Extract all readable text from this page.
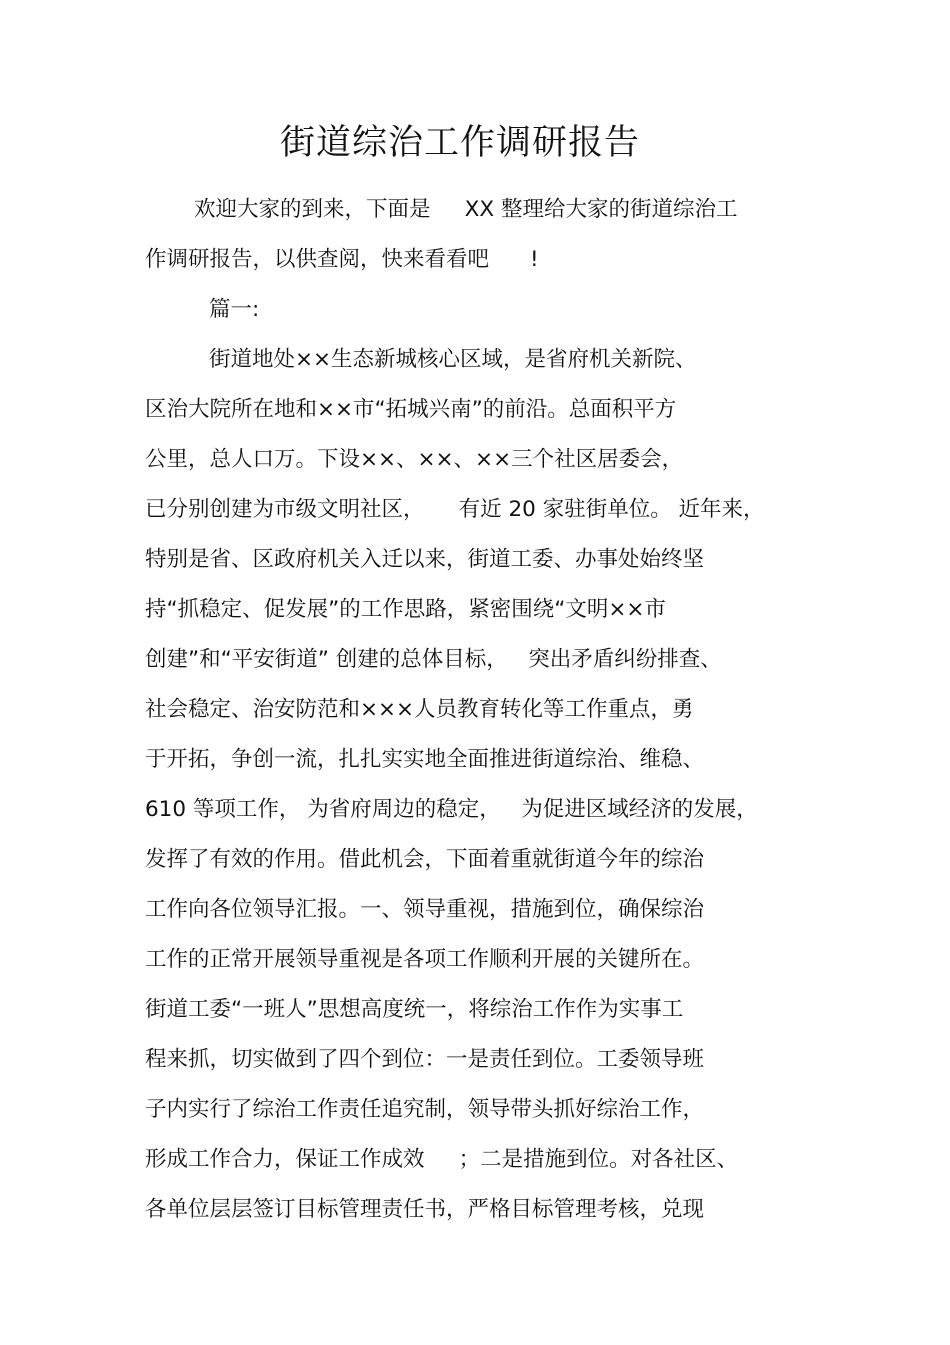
街道综治工作调研报告
欢迎大家的到来，下面是     XX 整理给大家的街道综治工
作调研报告，以供查阅，快来看看吧      !
篇一:
街道地处××生态新城核心区域，是省府机关新院、
区治大院所在地和××市“拓城兴南”的前沿。总面积平方
公里，总人口万。下设××、××、××三个社区居委会，
已分别创建为市级文明社区，     有近 20 家驻街单位。 近年来，
特别是省、区政府机关入迁以来，街道工委、办事处始终坚
持“抓稳定、促发展”的工作思路，紧密围绕“文明××市
创建”和“平安街道” 创建的总体目标，   突出矛盾纠纷排查、
社会稳定、治安防范和×××人员教育转化等工作重点，勇
于开拓，争创一流，扎扎实实地全面推进街道综治、维稳、
610 等项工作， 为省府周边的稳定，   为促进区域经济的发展，
发挥了有效的作用。借此机会，下面着重就街道今年的综治
工作向各位领导汇报。一、领导重视，措施到位，确保综治
工作的正常开展领导重视是各项工作顺利开展的关键所在。
街道工委“一班人”思想高度统一，将综治工作作为实事工
程来抓，切实做到了四个到位：一是责任到位。工委领导班
子内实行了综治工作责任追究制，领导带头抓好综治工作，
形成工作合力，保证工作成效     ；二是措施到位。对各社区、
各单位层层签订目标管理责任书，严格目标管理考核，兑现
